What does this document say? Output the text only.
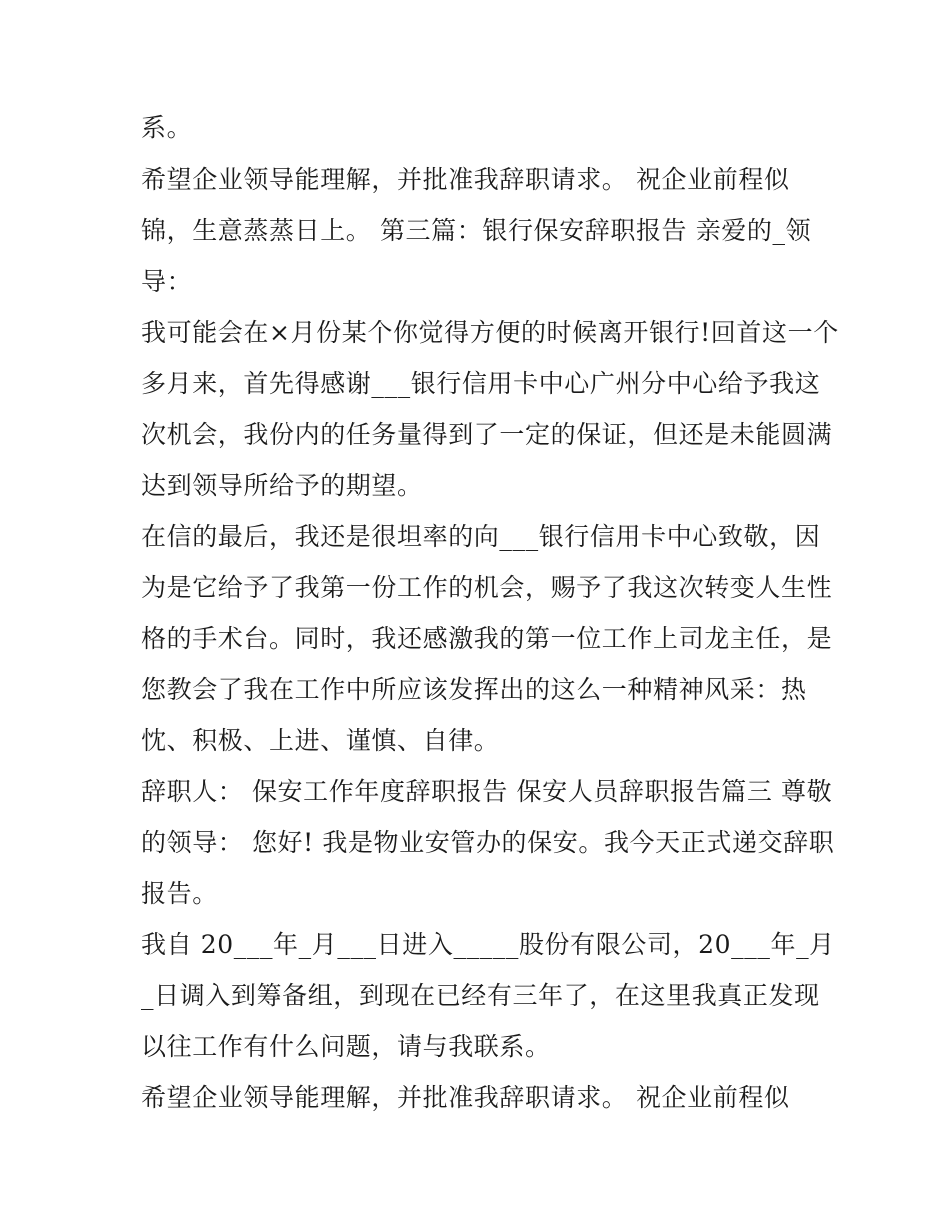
系。
希望企业领导能理解，并批准我辞职请求。 祝企业前程似
锦，生意蒸蒸日上。 第三篇：银行保安辞职报告 亲爱的_领
导：
我可能会在×月份某个你觉得方便的时候离开银行!回首这一个
多月来，首先得感谢___银行信用卡中心广州分中心给予我这
次机会，我份内的任务量得到了一定的保证，但还是未能圆满
达到领导所给予的期望。
在信的最后，我还是很坦率的向___银行信用卡中心致敬，因
为是它给予了我第一份工作的机会，赐予了我这次转变人生性
格的手术台。同时，我还感激我的第一位工作上司龙主任，是
您教会了我在工作中所应该发挥出的这么一种精神风采：热
忱、积极、上进、谨慎、自律。
辞职人： 保安工作年度辞职报告 保安人员辞职报告篇三 尊敬
的领导： 您好! 我是物业安管办的保安。我今天正式递交辞职
报告。
我自 20___年_月___日进入_____股份有限公司，20___年_月
_日调入到筹备组，到现在已经有三年了，在这里我真正发现
以往工作有什么问题，请与我联系。
希望企业领导能理解，并批准我辞职请求。 祝企业前程似
